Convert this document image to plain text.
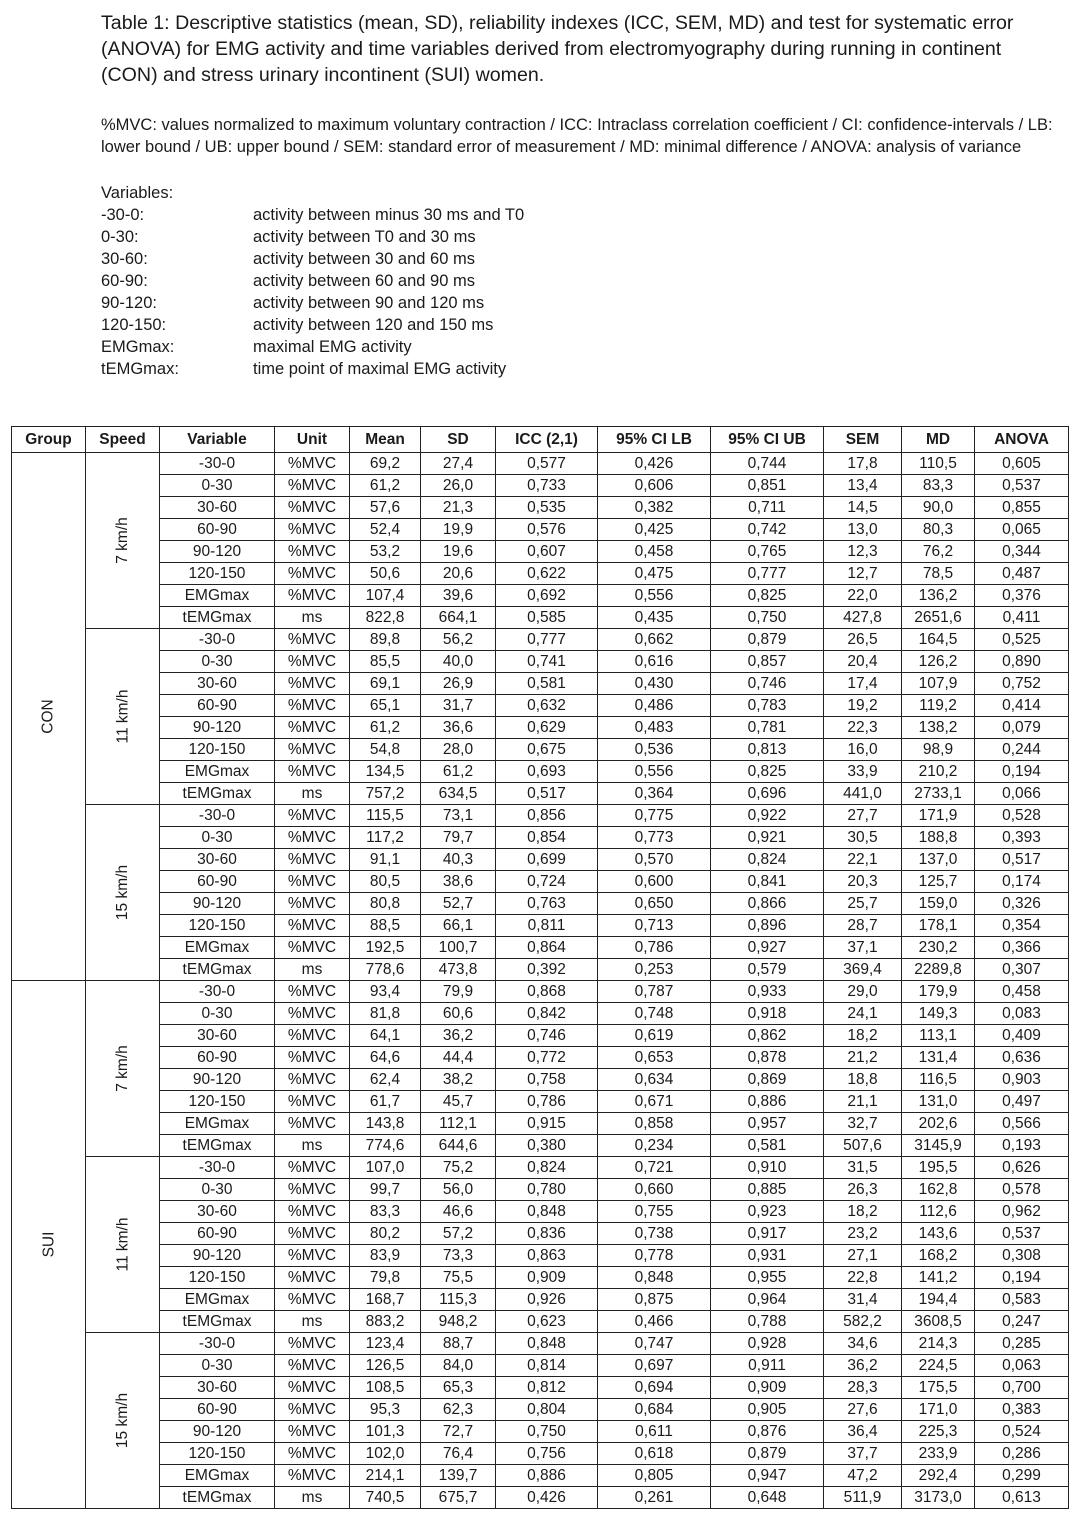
Table 1: Descriptive statistics (mean, SD), reliability indexes (ICC, SEM, MD) and test for systematic error (ANOVA) for EMG activity and time variables derived from electromyography during running in continent (CON) and stress urinary incontinent (SUI) women.

%MVC: values normalized to maximum voluntary contraction / ICC: Intraclass correlation coefficient / CI: confidence-intervals / LB: lower bound / UB: upper bound / SEM: standard error of measurement / MD: minimal difference / ANOVA: analysis of variance

Variables:

-30-0:	activity between minus 30 ms and T0
0-30:	activity between T0 and 30 ms
30-60:	activity between 30 and 60 ms
60-90:	activity between 60 and 90 ms
90-120:	activity between 90 and 120 ms
120-150:	activity between 120 and 150 ms
EMGmax:	maximal EMG activity
tEMGmax:	time point of maximal EMG activity
Group	Speed	Variable	Unit	Mean	SD	ICC (2,1)	95% CI LB	95% CI UB	SEM	MD	ANOVA
CON	7 km/h	-30-0	%MVC	69,2	27,4	0,577	0,426	0,744	17,8	110,5	0,605
		0-30	%MVC	61,2	26,0	0,733	0,606	0,851	13,4	83,3	0,537
		30-60	%MVC	57,6	21,3	0,535	0,382	0,711	14,5	90,0	0,855
		60-90	%MVC	52,4	19,9	0,576	0,425	0,742	13,0	80,3	0,065
		90-120	%MVC	53,2	19,6	0,607	0,458	0,765	12,3	76,2	0,344
		120-150	%MVC	50,6	20,6	0,622	0,475	0,777	12,7	78,5	0,487
		EMGmax	%MVC	107,4	39,6	0,692	0,556	0,825	22,0	136,2	0,376
		tEMGmax	ms	822,8	664,1	0,585	0,435	0,750	427,8	2651,6	0,411
	11 km/h	-30-0	%MVC	89,8	56,2	0,777	0,662	0,879	26,5	164,5	0,525
		0-30	%MVC	85,5	40,0	0,741	0,616	0,857	20,4	126,2	0,890
		30-60	%MVC	69,1	26,9	0,581	0,430	0,746	17,4	107,9	0,752
		60-90	%MVC	65,1	31,7	0,632	0,486	0,783	19,2	119,2	0,414
		90-120	%MVC	61,2	36,6	0,629	0,483	0,781	22,3	138,2	0,079
		120-150	%MVC	54,8	28,0	0,675	0,536	0,813	16,0	98,9	0,244
		EMGmax	%MVC	134,5	61,2	0,693	0,556	0,825	33,9	210,2	0,194
		tEMGmax	ms	757,2	634,5	0,517	0,364	0,696	441,0	2733,1	0,066
	15 km/h	-30-0	%MVC	115,5	73,1	0,856	0,775	0,922	27,7	171,9	0,528
		0-30	%MVC	117,2	79,7	0,854	0,773	0,921	30,5	188,8	0,393
		30-60	%MVC	91,1	40,3	0,699	0,570	0,824	22,1	137,0	0,517
		60-90	%MVC	80,5	38,6	0,724	0,600	0,841	20,3	125,7	0,174
		90-120	%MVC	80,8	52,7	0,763	0,650	0,866	25,7	159,0	0,326
		120-150	%MVC	88,5	66,1	0,811	0,713	0,896	28,7	178,1	0,354
		EMGmax	%MVC	192,5	100,7	0,864	0,786	0,927	37,1	230,2	0,366
		tEMGmax	ms	778,6	473,8	0,392	0,253	0,579	369,4	2289,8	0,307
SUI	7 km/h	-30-0	%MVC	93,4	79,9	0,868	0,787	0,933	29,0	179,9	0,458
		0-30	%MVC	81,8	60,6	0,842	0,748	0,918	24,1	149,3	0,083
		30-60	%MVC	64,1	36,2	0,746	0,619	0,862	18,2	113,1	0,409
		60-90	%MVC	64,6	44,4	0,772	0,653	0,878	21,2	131,4	0,636
		90-120	%MVC	62,4	38,2	0,758	0,634	0,869	18,8	116,5	0,903
		120-150	%MVC	61,7	45,7	0,786	0,671	0,886	21,1	131,0	0,497
		EMGmax	%MVC	143,8	112,1	0,915	0,858	0,957	32,7	202,6	0,566
		tEMGmax	ms	774,6	644,6	0,380	0,234	0,581	507,6	3145,9	0,193
	11 km/h	-30-0	%MVC	107,0	75,2	0,824	0,721	0,910	31,5	195,5	0,626
		0-30	%MVC	99,7	56,0	0,780	0,660	0,885	26,3	162,8	0,578
		30-60	%MVC	83,3	46,6	0,848	0,755	0,923	18,2	112,6	0,962
		60-90	%MVC	80,2	57,2	0,836	0,738	0,917	23,2	143,6	0,537
		90-120	%MVC	83,9	73,3	0,863	0,778	0,931	27,1	168,2	0,308
		120-150	%MVC	79,8	75,5	0,909	0,848	0,955	22,8	141,2	0,194
		EMGmax	%MVC	168,7	115,3	0,926	0,875	0,964	31,4	194,4	0,583
		tEMGmax	ms	883,2	948,2	0,623	0,466	0,788	582,2	3608,5	0,247
	15 km/h	-30-0	%MVC	123,4	88,7	0,848	0,747	0,928	34,6	214,3	0,285
		0-30	%MVC	126,5	84,0	0,814	0,697	0,911	36,2	224,5	0,063
		30-60	%MVC	108,5	65,3	0,812	0,694	0,909	28,3	175,5	0,700
		60-90	%MVC	95,3	62,3	0,804	0,684	0,905	27,6	171,0	0,383
		90-120	%MVC	101,3	72,7	0,750	0,611	0,876	36,4	225,3	0,524
		120-150	%MVC	102,0	76,4	0,756	0,618	0,879	37,7	233,9	0,286
		EMGmax	%MVC	214,1	139,7	0,886	0,805	0,947	47,2	292,4	0,299
		tEMGmax	ms	740,5	675,7	0,426	0,261	0,648	511,9	3173,0	0,613
